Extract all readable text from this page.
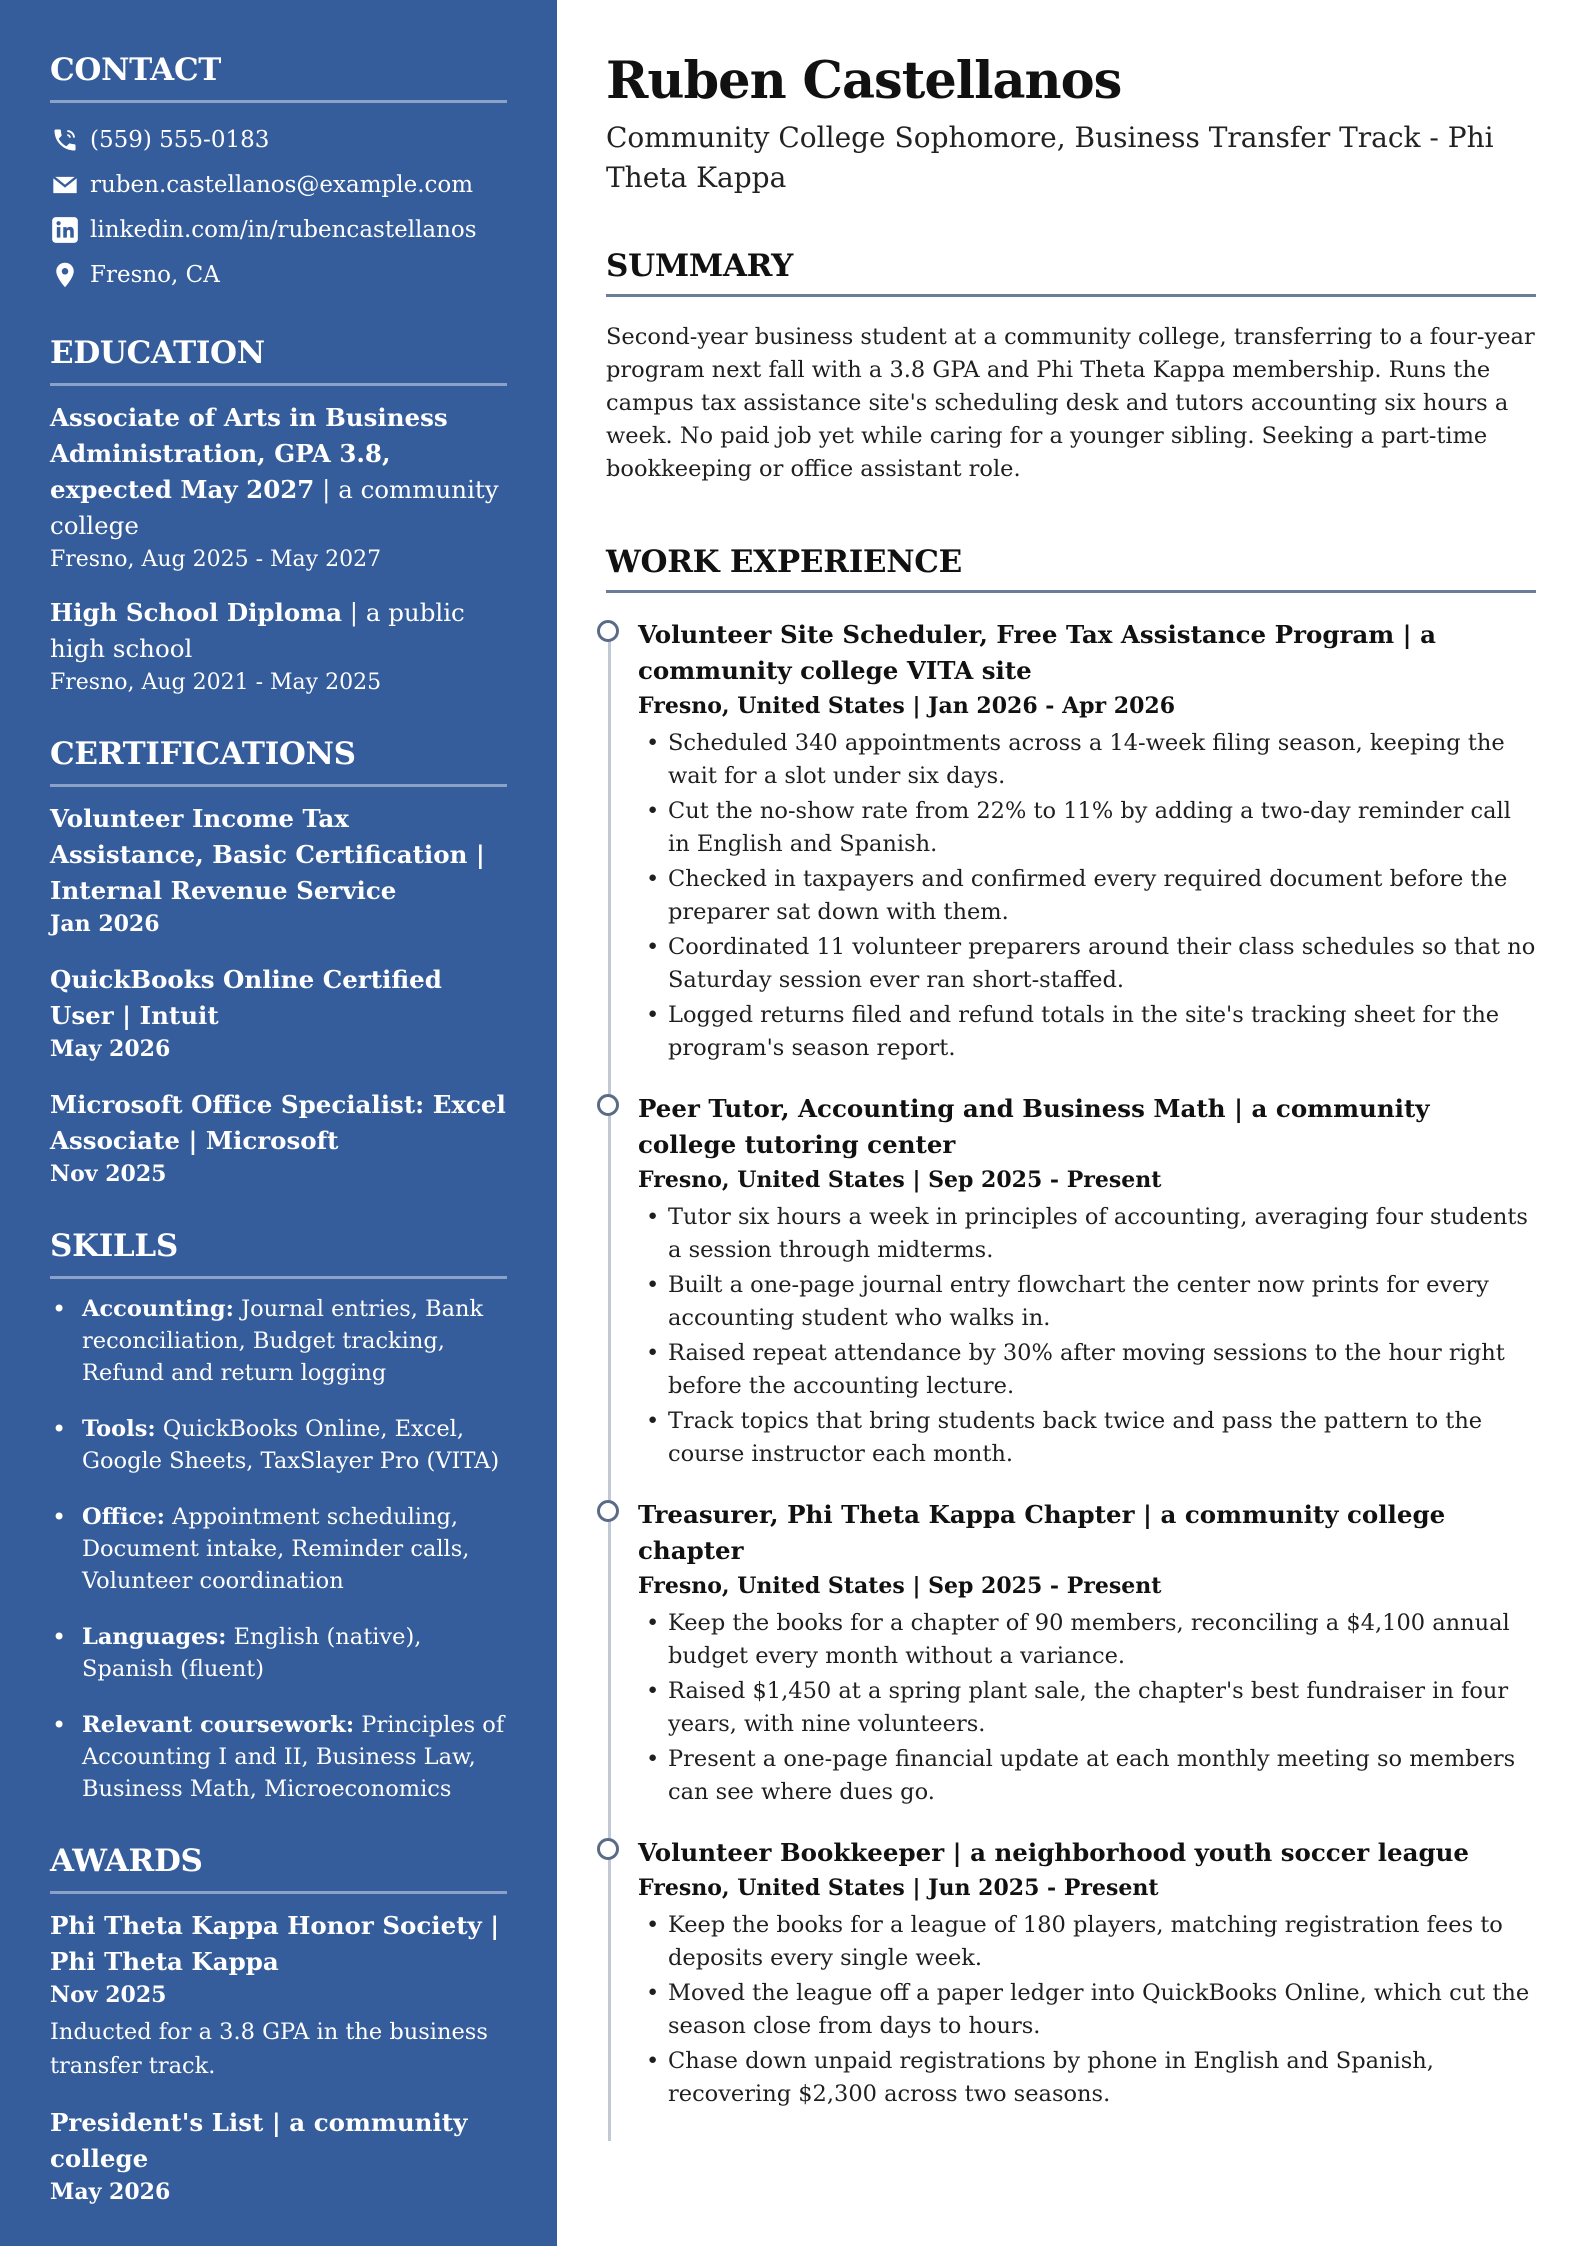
CONTACT
(559) 555-0183
ruben.castellanos@example.com
linkedin.com/in/rubencastellanos
Fresno, CA
EDUCATION
Associate of Arts in Business Administration, GPA 3.8, expected May 2027 | a community college
Fresno, Aug 2025 - May 2027
High School Diploma | a public high school
Fresno, Aug 2021 - May 2025
CERTIFICATIONS
Volunteer Income Tax Assistance, Basic Certification | Internal Revenue Service
Jan 2026
QuickBooks Online Certified User | Intuit
May 2026
Microsoft Office Specialist: Excel Associate | Microsoft
Nov 2025
SKILLS
• Accounting: Journal entries, Bank reconciliation, Budget tracking, Refund and return logging
• Tools: QuickBooks Online, Excel, Google Sheets, TaxSlayer Pro (VITA)
• Office: Appointment scheduling, Document intake, Reminder calls, Volunteer coordination
• Languages: English (native), Spanish (fluent)
• Relevant coursework: Principles of Accounting I and II, Business Law, Business Math, Microeconomics
AWARDS
Phi Theta Kappa Honor Society | Phi Theta Kappa
Nov 2025
Inducted for a 3.8 GPA in the business transfer track.
President's List | a community college
May 2026
Ruben Castellanos
Community College Sophomore, Business Transfer Track - Phi Theta Kappa
SUMMARY

Second-year business student at a community college, transferring to a four-year program next fall with a 3.8 GPA and Phi Theta Kappa membership. Runs the campus tax assistance site's scheduling desk and tutors accounting six hours a week. No paid job yet while caring for a younger sibling. Seeking a part-time bookkeeping or office assistant role.

WORK EXPERIENCE
Volunteer Site Scheduler, Free Tax Assistance Program | a community college VITA site
Fresno, United States | Jan 2026 - Apr 2026
• Scheduled 340 appointments across a 14-week filing season, keeping the wait for a slot under six days.
• Cut the no-show rate from 22% to 11% by adding a two-day reminder call in English and Spanish.
• Checked in taxpayers and confirmed every required document before the preparer sat down with them.
• Coordinated 11 volunteer preparers around their class schedules so that no Saturday session ever ran short-staffed.
• Logged returns filed and refund totals in the site's tracking sheet for the program's season report.
Peer Tutor, Accounting and Business Math | a community college tutoring center
Fresno, United States | Sep 2025 - Present
• Tutor six hours a week in principles of accounting, averaging four students a session through midterms.
• Built a one-page journal entry flowchart the center now prints for every accounting student who walks in.
• Raised repeat attendance by 30% after moving sessions to the hour right before the accounting lecture.
• Track topics that bring students back twice and pass the pattern to the course instructor each month.
Treasurer, Phi Theta Kappa Chapter | a community college chapter
Fresno, United States | Sep 2025 - Present
• Keep the books for a chapter of 90 members, reconciling a $4,100 annual budget every month without a variance.
• Raised $1,450 at a spring plant sale, the chapter's best fundraiser in four years, with nine volunteers.
• Present a one-page financial update at each monthly meeting so members can see where dues go.
Volunteer Bookkeeper | a neighborhood youth soccer league
Fresno, United States | Jun 2025 - Present
• Keep the books for a league of 180 players, matching registration fees to deposits every single week.
• Moved the league off a paper ledger into QuickBooks Online, which cut the season close from days to hours.
• Chase down unpaid registrations by phone in English and Spanish, recovering $2,300 across two seasons.
